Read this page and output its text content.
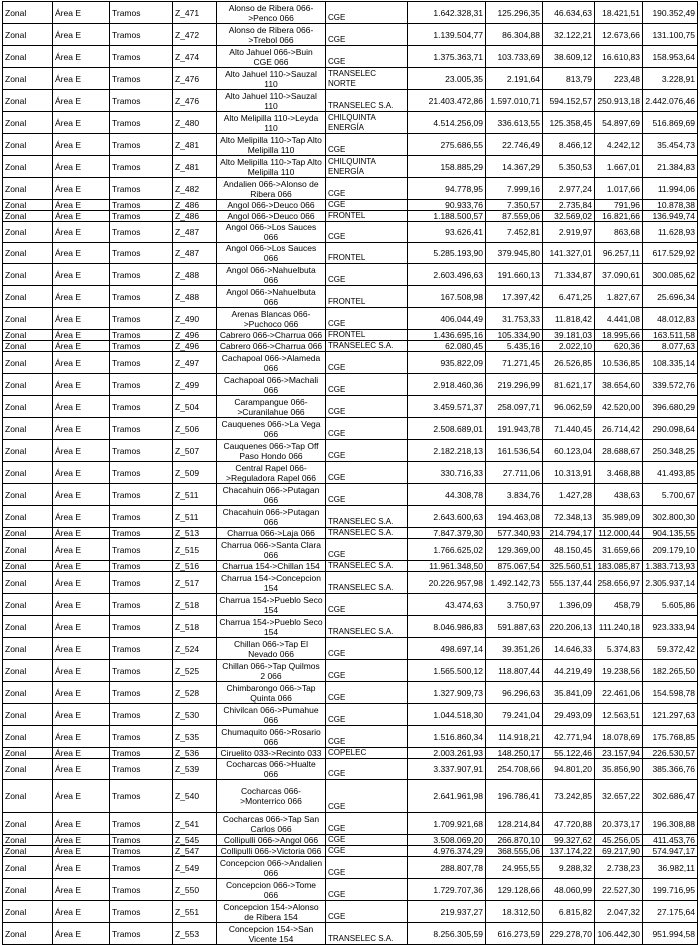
Zonal	Área E	Tramos	Z_471	Alonso de Ribera 066->Penco 066	CGE	1.642.328,31	125.296,35	46.634,63	18.421,51	190.352,49
Zonal	Área E	Tramos	Z_472	Alonso de Ribera 066->Trebol 066	CGE	1.139.504,77	86.304,88	32.122,21	12.673,66	131.100,75
Zonal	Área E	Tramos	Z_474	Alto Jahuel 066->Buin CGE 066	CGE	1.375.363,71	103.733,69	38.609,12	16.610,83	158.953,64
Zonal	Área E	Tramos	Z_476	Alto Jahuel 110->Sauzal 110	TRANSELEC NORTE	23.005,35	2.191,64	813,79	223,48	3.228,91
Zonal	Área E	Tramos	Z_476	Alto Jahuel 110->Sauzal 110	TRANSELEC S.A.	21.403.472,86	1.597.010,71	594.152,57	250.913,18	2.442.076,46
Zonal	Área E	Tramos	Z_480	Alto Melipilla 110->Leyda 110	CHILQUINTA ENERGÍA	4.514.256,09	336.613,55	125.358,45	54.897,69	516.869,69
Zonal	Área E	Tramos	Z_481	Alto Melipilla 110->Tap Alto Melipilla 110	CGE	275.686,55	22.746,49	8.466,12	4.242,12	35.454,73
Zonal	Área E	Tramos	Z_481	Alto Melipilla 110->Tap Alto Melipilla 110	CHILQUINTA ENERGÍA	158.885,29	14.367,29	5.350,53	1.667,01	21.384,83
Zonal	Área E	Tramos	Z_482	Andalien 066->Alonso de Ribera 066	CGE	94.778,95	7.999,16	2.977,24	1.017,66	11.994,06
Zonal	Área E	Tramos	Z_486	Angol 066->Deuco 066	CGE	90.933,76	7.350,57	2.735,84	791,96	10.878,38
Zonal	Área E	Tramos	Z_486	Angol 066->Deuco 066	FRONTEL	1.188.500,57	87.559,06	32.569,02	16.821,66	136.949,74
Zonal	Área E	Tramos	Z_487	Angol 066->Los Sauces 066	CGE	93.626,41	7.452,81	2.919,97	863,68	11.628,93
Zonal	Área E	Tramos	Z_487	Angol 066->Los Sauces 066	FRONTEL	5.285.193,90	379.945,80	141.327,01	96.257,11	617.529,92
Zonal	Área E	Tramos	Z_488	Angol 066->Nahuelbuta 066	CGE	2.603.496,63	191.660,13	71.334,87	37.090,61	300.085,62
Zonal	Área E	Tramos	Z_488	Angol 066->Nahuelbuta 066	FRONTEL	167.508,98	17.397,42	6.471,25	1.827,67	25.696,34
Zonal	Área E	Tramos	Z_490	Arenas Blancas 066->Puchoco 066	CGE	406.044,49	31.753,33	11.818,42	4.441,08	48.012,83
Zonal	Área E	Tramos	Z_496	Cabrero 066->Charrua 066	FRONTEL	1.436.695,16	105.334,90	39.181,03	18.995,66	163.511,58
Zonal	Área E	Tramos	Z_496	Cabrero 066->Charrua 066	TRANSELEC S.A.	62.080,45	5.435,16	2.022,10	620,36	8.077,63
Zonal	Área E	Tramos	Z_497	Cachapoal 066->Alameda 066	CGE	935.822,09	71.271,45	26.526,85	10.536,85	108.335,14
Zonal	Área E	Tramos	Z_499	Cachapoal 066->Machali 066	CGE	2.918.460,36	219.296,99	81.621,17	38.654,60	339.572,76
Zonal	Área E	Tramos	Z_504	Carampangue 066->Curanilahue 066	CGE	3.459.571,37	258.097,71	96.062,59	42.520,00	396.680,29
Zonal	Área E	Tramos	Z_506	Cauquenes 066->La Vega 066	CGE	2.508.689,01	191.943,78	71.440,45	26.714,42	290.098,64
Zonal	Área E	Tramos	Z_507	Cauquenes 066->Tap Off Paso Hondo 066	CGE	2.182.218,13	161.536,54	60.123,04	28.688,67	250.348,25
Zonal	Área E	Tramos	Z_509	Central Rapel 066->Reguladora Rapel 066	CGE	330.716,33	27.711,06	10.313,91	3.468,88	41.493,85
Zonal	Área E	Tramos	Z_511	Chacahuin 066->Putagan 066	CGE	44.308,78	3.834,76	1.427,28	438,63	5.700,67
Zonal	Área E	Tramos	Z_511	Chacahuin 066->Putagan 066	TRANSELEC S.A.	2.643.600,63	194.463,08	72.348,13	35.989,09	302.800,30
Zonal	Área E	Tramos	Z_513	Charrua 066->Laja 066	TRANSELEC S.A.	7.847.379,30	577.340,93	214.794,17	112.000,44	904.135,55
Zonal	Área E	Tramos	Z_515	Charrua 066->Santa Clara 066	CGE	1.766.625,02	129.369,00	48.150,45	31.659,66	209.179,10
Zonal	Área E	Tramos	Z_516	Charrua 154->Chillan 154	TRANSELEC S.A.	11.961.348,50	875.067,54	325.560,51	183.085,87	1.383.713,93
Zonal	Área E	Tramos	Z_517	Charrua 154->Concepcion 154	TRANSELEC S.A.	20.226.957,98	1.492.142,73	555.137,44	258.656,97	2.305.937,14
Zonal	Área E	Tramos	Z_518	Charrua 154->Pueblo Seco 154	CGE	43.474,63	3.750,97	1.396,09	458,79	5.605,86
Zonal	Área E	Tramos	Z_518	Charrua 154->Pueblo Seco 154	TRANSELEC S.A.	8.046.986,83	591.887,63	220.206,13	111.240,18	923.333,94
Zonal	Área E	Tramos	Z_524	Chillan 066->Tap El Nevado 066	CGE	498.697,14	39.351,26	14.646,33	5.374,83	59.372,42
Zonal	Área E	Tramos	Z_525	Chillan 066->Tap Quilmos 2 066	CGE	1.565.500,12	118.807,44	44.219,49	19.238,56	182.265,50
Zonal	Área E	Tramos	Z_528	Chimbarongo 066->Tap Quinta 066	CGE	1.327.909,73	96.296,63	35.841,09	22.461,06	154.598,78
Zonal	Área E	Tramos	Z_530	Chivilcan 066->Pumahue 066	CGE	1.044.518,30	79.241,04	29.493,09	12.563,51	121.297,63
Zonal	Área E	Tramos	Z_535	Chumaquito 066->Rosario 066	CGE	1.516.860,34	114.918,21	42.771,94	18.078,69	175.768,85
Zonal	Área E	Tramos	Z_536	Ciruelito 033->Recinto 033	COPELEC	2.003.261,93	148.250,17	55.122,46	23.157,94	226.530,57
Zonal	Área E	Tramos	Z_539	Cocharcas 066->Hualte 066	CGE	3.337.907,91	254.708,66	94.801,20	35.856,90	385.366,76
Zonal	Área E	Tramos	Z_540	Cocharcas 066->Monterrico 066	CGE	2.641.961,98	196.786,41	73.242,85	32.657,22	302.686,47
Zonal	Área E	Tramos	Z_541	Cocharcas 066->Tap San Carlos 066	CGE	1.709.921,68	128.214,84	47.720,88	20.373,17	196.308,88
Zonal	Área E	Tramos	Z_545	Collipulli 066->Angol 066	CGE	3.508.069,20	266.870,10	99.327,62	45.256,05	411.453,76
Zonal	Área E	Tramos	Z_547	Collipulli 066->Victoria 066	CGE	4.976.374,29	368.555,06	137.174,22	69.217,90	574.947,17
Zonal	Área E	Tramos	Z_549	Concepcion 066->Andalien 066	CGE	288.807,78	24.955,55	9.288,32	2.738,23	36.982,11
Zonal	Área E	Tramos	Z_550	Concepcion 066->Tome 066	CGE	1.729.707,36	129.128,66	48.060,99	22.527,30	199.716,95
Zonal	Área E	Tramos	Z_551	Concepcion 154->Alonso de Ribera 154	CGE	219.937,27	18.312,50	6.815,82	2.047,32	27.175,64
Zonal	Área E	Tramos	Z_553	Concepcion 154->San Vicente 154	TRANSELEC S.A.	8.256.305,59	616.273,59	229.278,70	106.442,30	951.994,58
